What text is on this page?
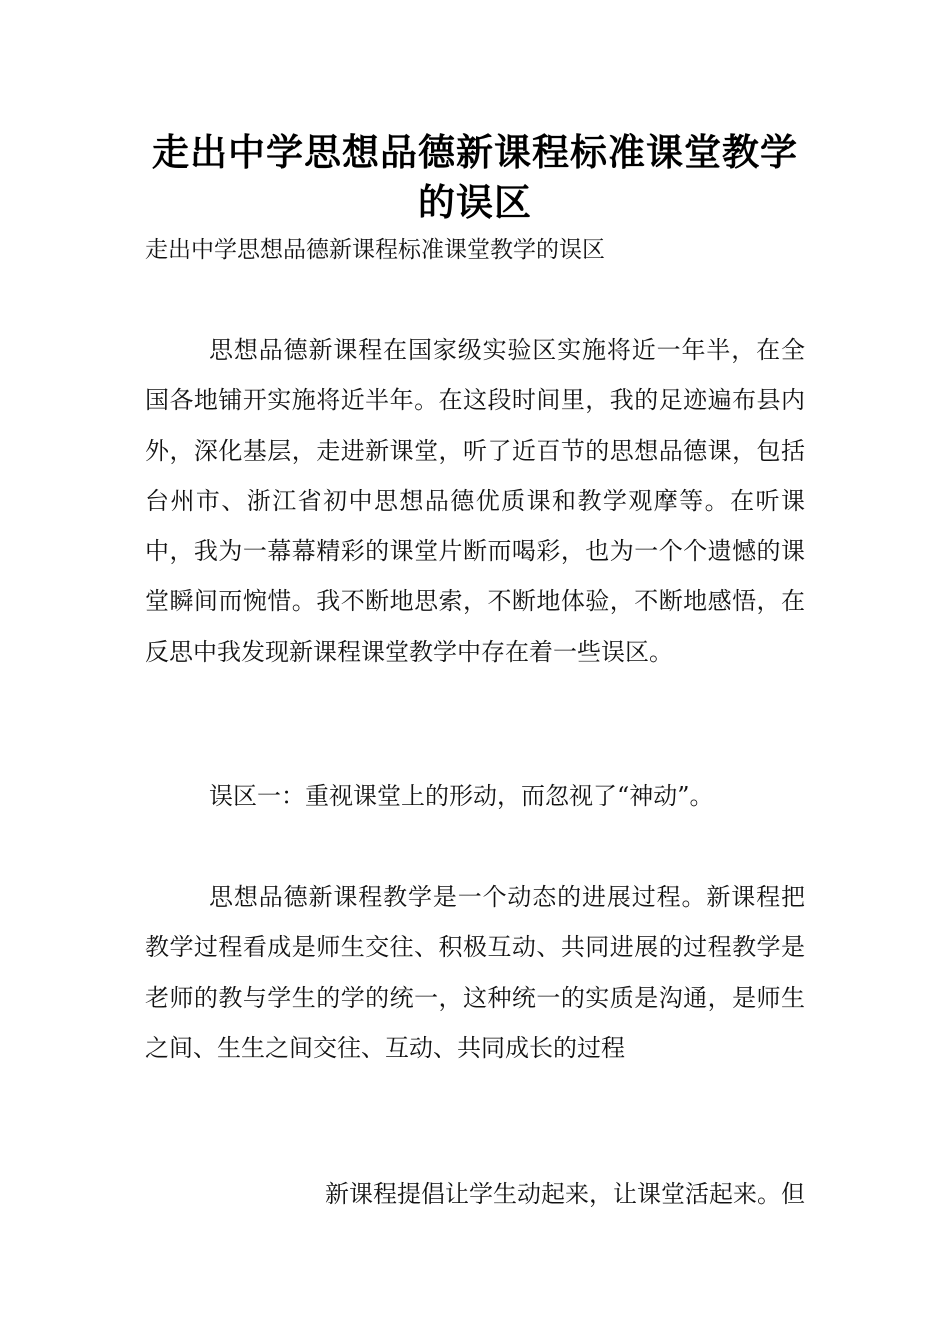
走出中学思想品德新课程标准课堂教学的误区

走出中学思想品德新课程标准课堂教学的误区

思想品德新课程在国家级实验区实施将近一年半，在全国各地铺开实施将近半年。在这段时间里，我的足迹遍布县内外，深化基层，走进新课堂，听了近百节的思想品德课，包括台州市、浙江省初中思想品德优质课和教学观摩等。在听课中，我为一幕幕精彩的课堂片断而喝彩，也为一个个遗憾的课堂瞬间而惋惜。我不断地思索，不断地体验，不断地感悟，在反思中我发现新课程课堂教学中存在着一些误区。

误区一：重视课堂上的形动，而忽视了“神动”。

思想品德新课程教学是一个动态的进展过程。新课程把教学过程看成是师生交往、积极互动、共同进展的过程教学是老师的教与学生的学的统一，这种统一的实质是沟通，是师生之间、生生之间交往、互动、共同成长的过程

新课程提倡让学生动起来，让课堂活起来。但
